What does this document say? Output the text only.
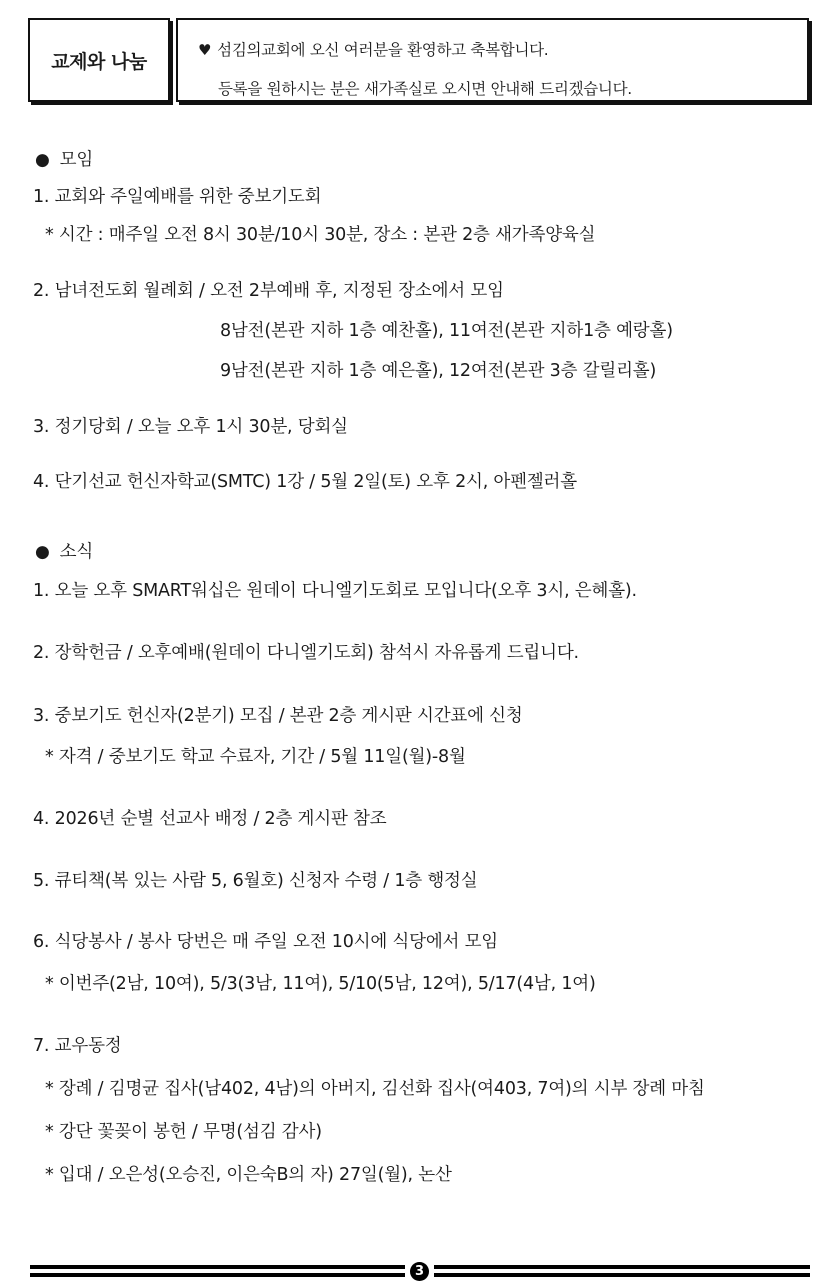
교제와 나눔
♥ 섬김의교회에 오신 여러분을 환영하고 축복합니다.
등록을 원하시는 분은 새가족실로 오시면 안내해 드리겠습니다.
● 모임
1. 교회와 주일예배를 위한 중보기도회
* 시간 : 매주일 오전 8시 30분/10시 30분, 장소 : 본관 2층 새가족양육실
2. 남녀전도회 월례회 / 오전 2부예배 후, 지정된 장소에서 모임
8남전(본관 지하 1층 예찬홀), 11여전(본관 지하1층 예랑홀)
9남전(본관 지하 1층 예은홀), 12여전(본관 3층 갈릴리홀)
3. 정기당회 / 오늘 오후 1시 30분, 당회실
4. 단기선교 헌신자학교(SMTC) 1강 / 5월 2일(토) 오후 2시, 아펜젤러홀
● 소식
1. 오늘 오후 SMART워십은 원데이 다니엘기도회로 모입니다(오후 3시, 은혜홀).
2. 장학헌금 / 오후예배(원데이 다니엘기도회) 참석시 자유롭게 드립니다.
3. 중보기도 헌신자(2분기) 모집 / 본관 2층 게시판 시간표에 신청
* 자격 / 중보기도 학교 수료자, 기간 / 5월 11일(월)-8월
4. 2026년 순별 선교사 배정 / 2층 게시판 참조
5. 큐티책(복 있는 사람 5, 6월호) 신청자 수령 / 1층 행정실
6. 식당봉사 / 봉사 당번은 매 주일 오전 10시에 식당에서 모임
* 이번주(2남, 10여), 5/3(3남, 11여), 5/10(5남, 12여), 5/17(4남, 1여)
7. 교우동정
* 장례 / 김명균 집사(남402, 4남)의 아버지, 김선화 집사(여403, 7여)의 시부 장례 마침
* 강단 꽃꽂이 봉헌 / 무명(섬김 감사)
* 입대 / 오은성(오승진, 이은숙B의 자) 27일(월), 논산
3
